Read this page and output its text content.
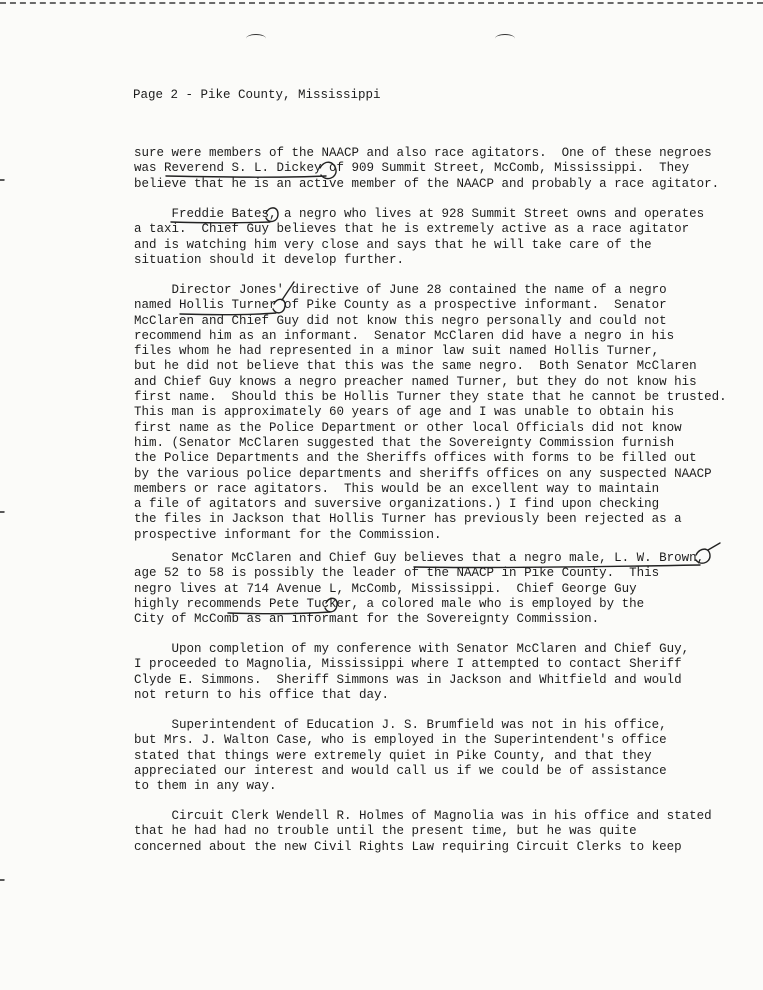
Page 2 - Pike County, Mississippi
sure were members of the NAACP and also race agitators.  One of these negroes
was Reverend S. L. Dickey of 909 Summit Street, McComb, Mississippi.  They
believe that he is an active member of the NAACP and probably a race agitator.
Freddie Bates, a negro who lives at 928 Summit Street owns and operates
a taxi.  Chief Guy believes that he is extremely active as a race agitator
and is watching him very close and says that he will take care of the
situation should it develop further.
Director Jones' directive of June 28 contained the name of a negro
named Hollis Turner of Pike County as a prospective informant.  Senator
McClaren and Chief Guy did not know this negro personally and could not
recommend him as an informant.  Senator McClaren did have a negro in his
files whom he had represented in a minor law suit named Hollis Turner,
but he did not believe that this was the same negro.  Both Senator McClaren
and Chief Guy knows a negro preacher named Turner, but they do not know his
first name.  Should this be Hollis Turner they state that he cannot be trusted.
This man is approximately 60 years of age and I was unable to obtain his
first name as the Police Department or other local Officials did not know
him. (Senator McClaren suggested that the Sovereignty Commission furnish
the Police Departments and the Sheriffs offices with forms to be filled out
by the various police departments and sheriffs offices on any suspected NAACP
members or race agitators.  This would be an excellent way to maintain
a file of agitators and suversive organizations.) I find upon checking
the files in Jackson that Hollis Turner has previously been rejected as a
prospective informant for the Commission.
Senator McClaren and Chief Guy believes that a negro male, L. W. Brown,
age 52 to 58 is possibly the leader of the NAACP in Pike County.  This
negro lives at 714 Avenue L, McComb, Mississippi.  Chief George Guy
highly recommends Pete Tucker, a colored male who is employed by the
City of McComb as an informant for the Sovereignty Commission.
Upon completion of my conference with Senator McClaren and Chief Guy,
I proceeded to Magnolia, Mississippi where I attempted to contact Sheriff
Clyde E. Simmons.  Sheriff Simmons was in Jackson and Whitfield and would
not return to his office that day.
Superintendent of Education J. S. Brumfield was not in his office,
but Mrs. J. Walton Case, who is employed in the Superintendent's office
stated that things were extremely quiet in Pike County, and that they
appreciated our interest and would call us if we could be of assistance
to them in any way.
Circuit Clerk Wendell R. Holmes of Magnolia was in his office and stated
that he had had no trouble until the present time, but he was quite
concerned about the new Civil Rights Law requiring Circuit Clerks to keep
